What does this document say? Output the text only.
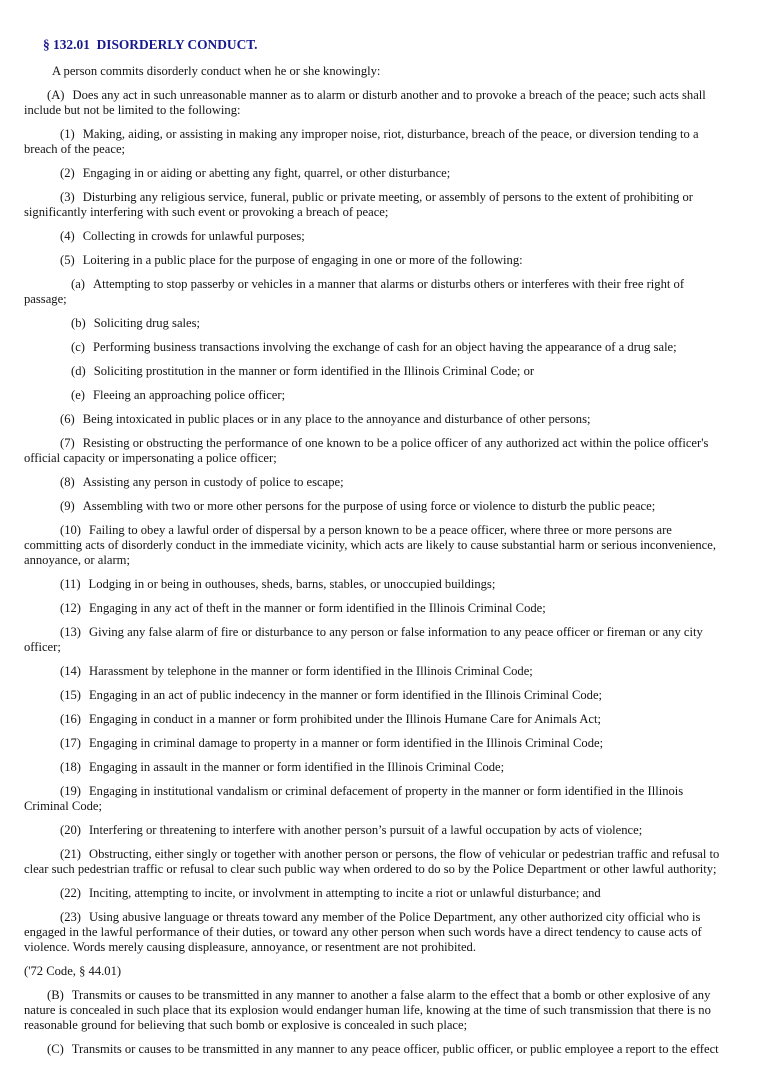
§ 132.01  DISORDERLY CONDUCT.

A person commits disorderly conduct when he or she knowingly:

(A) Does any act in such unreasonable manner as to alarm or disturb another and to provoke a breach of the peace; such acts shall include but not be limited to the following:

(1) Making, aiding, or assisting in making any improper noise, riot, disturbance, breach of the peace, or diversion tending to a breach of the peace;

(2) Engaging in or aiding or abetting any fight, quarrel, or other disturbance;

(3) Disturbing any religious service, funeral, public or private meeting, or assembly of persons to the extent of prohibiting or significantly interfering with such event or provoking a breach of peace;

(4) Collecting in crowds for unlawful purposes;

(5) Loitering in a public place for the purpose of engaging in one or more of the following:

(a) Attempting to stop passerby or vehicles in a manner that alarms or disturbs others or interferes with their free right of passage;

(b) Soliciting drug sales;

(c) Performing business transactions involving the exchange of cash for an object having the appearance of a drug sale;

(d) Soliciting prostitution in the manner or form identified in the Illinois Criminal Code; or

(e) Fleeing an approaching police officer;

(6) Being intoxicated in public places or in any place to the annoyance and disturbance of other persons;

(7) Resisting or obstructing the performance of one known to be a police officer of any authorized act within the police officer's official capacity or impersonating a police officer;

(8) Assisting any person in custody of police to escape;

(9) Assembling with two or more other persons for the purpose of using force or violence to disturb the public peace;

(10) Failing to obey a lawful order of dispersal by a person known to be a peace officer, where three or more persons are committing acts of disorderly conduct in the immediate vicinity, which acts are likely to cause substantial harm or serious inconvenience, annoyance, or alarm;

(11) Lodging in or being in outhouses, sheds, barns, stables, or unoccupied buildings;

(12) Engaging in any act of theft in the manner or form identified in the Illinois Criminal Code;

(13) Giving any false alarm of fire or disturbance to any person or false information to any peace officer or fireman or any city officer;

(14) Harassment by telephone in the manner or form identified in the Illinois Criminal Code;

(15) Engaging in an act of public indecency in the manner or form identified in the Illinois Criminal Code;

(16) Engaging in conduct in a manner or form prohibited under the Illinois Humane Care for Animals Act;

(17) Engaging in criminal damage to property in a manner or form identified in the Illinois Criminal Code;

(18) Engaging in assault in the manner or form identified in the Illinois Criminal Code;

(19) Engaging in institutional vandalism or criminal defacement of property in the manner or form identified in the Illinois Criminal Code;

(20) Interfering or threatening to interfere with another person’s pursuit of a lawful occupation by acts of violence;

(21) Obstructing, either singly or together with another person or persons, the flow of vehicular or pedestrian traffic and refusal to clear such pedestrian traffic or refusal to clear such public way when ordered to do so by the Police Department or other lawful authority;

(22) Inciting, attempting to incite, or involvment in attempting to incite a riot or unlawful disturbance; and

(23) Using abusive language or threats toward any member of the Police Department, any other authorized city official who is engaged in the lawful performance of their duties, or toward any other person when such words have a direct tendency to cause acts of violence. Words merely causing displeasure, annoyance, or resentment are not prohibited.

('72 Code, § 44.01)

(B) Transmits or causes to be transmitted in any manner to another a false alarm to the effect that a bomb or other explosive of any nature is concealed in such place that its explosion would endanger human life, knowing at the time of such transmission that there is no reasonable ground for believing that such bomb or explosive is concealed in such place;

(C) Transmits or causes to be transmitted in any manner to any peace officer, public officer, or public employee a report to the effect
